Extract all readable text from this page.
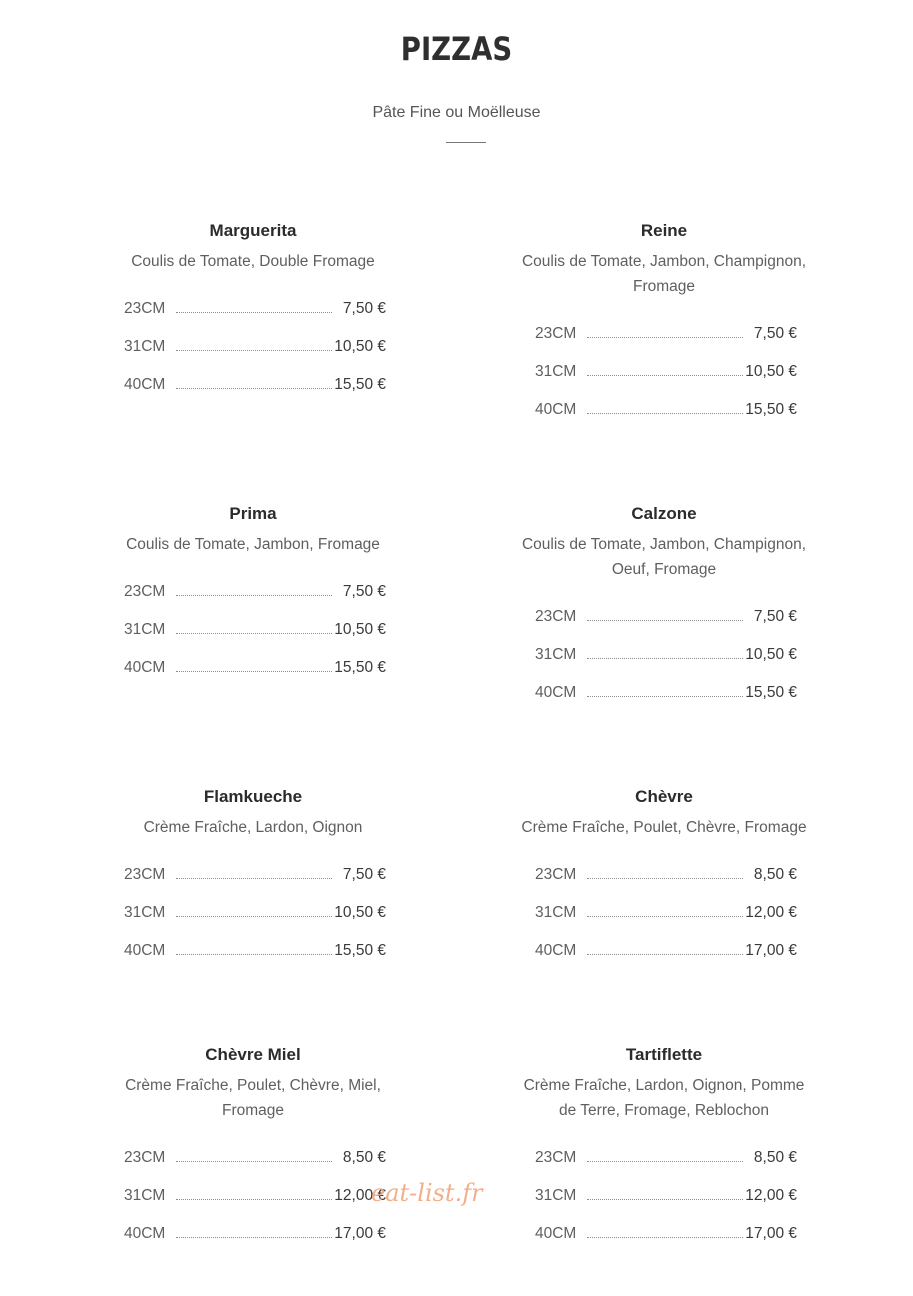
PIZZAS
Pâte Fine ou Moëlleuse
Marguerita
Coulis de Tomate, Double Fromage
23CM	7,50 €
31CM	10,50 €
40CM	15,50 €
Reine
Coulis de Tomate, Jambon, Champignon, Fromage
23CM	7,50 €
31CM	10,50 €
40CM	15,50 €
Prima
Coulis de Tomate, Jambon, Fromage
23CM	7,50 €
31CM	10,50 €
40CM	15,50 €
Calzone
Coulis de Tomate, Jambon, Champignon, Oeuf, Fromage
23CM	7,50 €
31CM	10,50 €
40CM	15,50 €
Flamkueche
Crème Fraîche, Lardon, Oignon
23CM	7,50 €
31CM	10,50 €
40CM	15,50 €
Chèvre
Crème Fraîche, Poulet, Chèvre, Fromage
23CM	8,50 €
31CM	12,00 €
40CM	17,00 €
Chèvre Miel
Crème Fraîche, Poulet, Chèvre, Miel, Fromage
23CM	8,50 €
31CM	12,00 €
40CM	17,00 €
Tartiflette
Crème Fraîche, Lardon, Oignon, Pomme de Terre, Fromage, Reblochon
23CM	8,50 €
31CM	12,00 €
40CM	17,00 €
eat-list.fr
